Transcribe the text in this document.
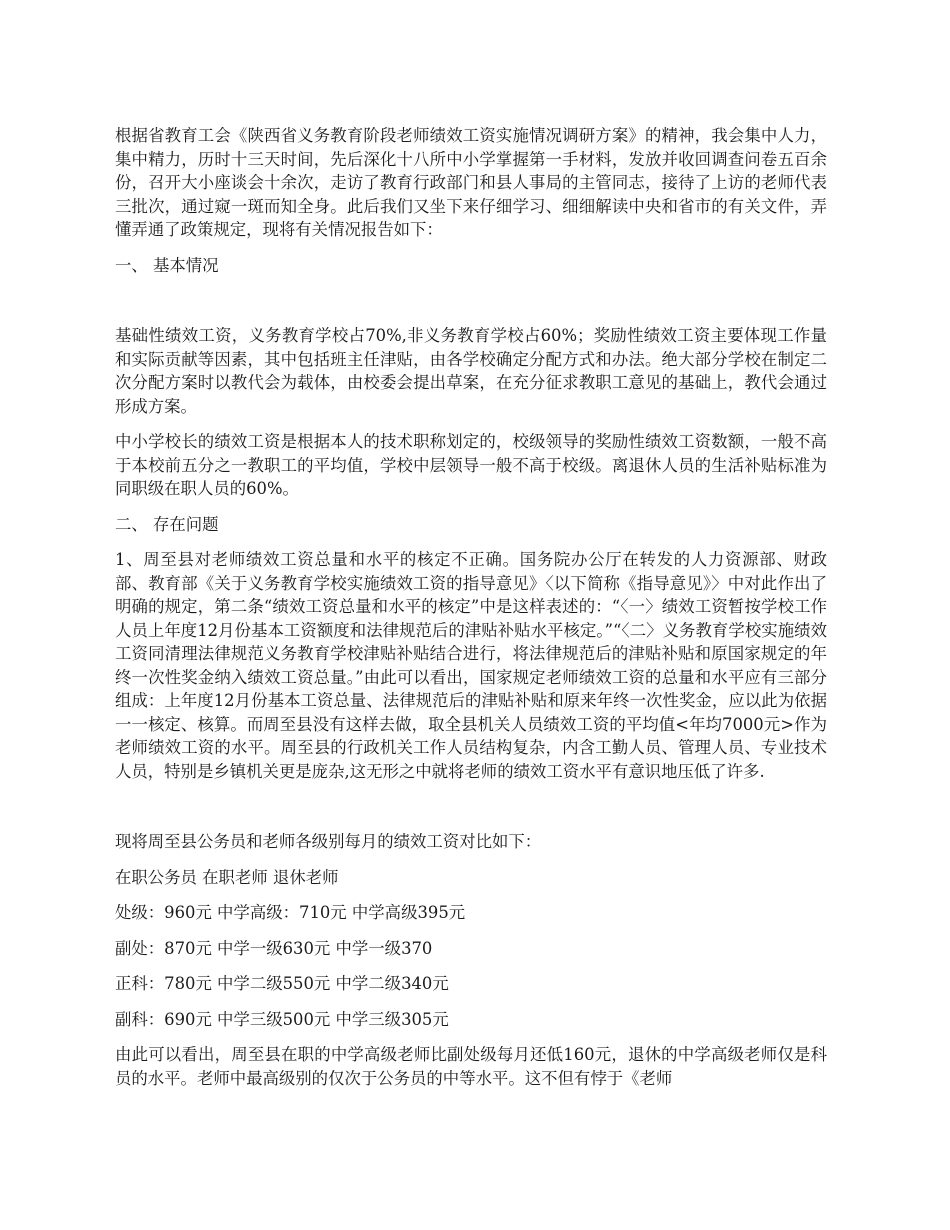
根据省教育工会《陕西省义务教育阶段老师绩效工资实施情况调研方案》的精神，我会集中人力，集中精力，历时十三天时间，先后深化十八所中小学掌握第一手材料，发放并收回调查问卷五百余份，召开大小座谈会十余次，走访了教育行政部门和县人事局的主管同志，接待了上访的老师代表三批次，通过窥一斑而知全身。此后我们又坐下来仔细学习、细细解读中央和省市的有关文件，弄懂弄通了政策规定，现将有关情况报告如下：

一、 基本情况

基础性绩效工资，义务教育学校占70%,非义务教育学校占60%；奖励性绩效工资主要体现工作量和实际贡献等因素，其中包括班主任津贴，由各学校确定分配方式和办法。绝大部分学校在制定二次分配方案时以教代会为载体，由校委会提出草案，在充分征求教职工意见的基础上，教代会通过形成方案。

中小学校长的绩效工资是根据本人的技术职称划定的，校级领导的奖励性绩效工资数额，一般不高于本校前五分之一教职工的平均值，学校中层领导一般不高于校级。离退休人员的生活补贴标准为同职级在职人员的60%。

二、 存在问题

1、周至县对老师绩效工资总量和水平的核定不正确。国务院办公厅在转发的人力资源部、财政部、教育部《关于义务教育学校实施绩效工资的指导意见》〈以下简称《指导意见》〉中对此作出了明确的规定，第二条“绩效工资总量和水平的核定”中是这样表述的：“〈一〉绩效工资暂按学校工作人员上年度12月份基本工资额度和法律规范后的津贴补贴水平核定。”“〈二〉义务教育学校实施绩效工资同清理法律规范义务教育学校津贴补贴结合进行，将法律规范后的津贴补贴和原国家规定的年终一次性奖金纳入绩效工资总量。”由此可以看出，国家规定老师绩效工资的总量和水平应有三部分组成：上年度12月份基本工资总量、法律规范后的津贴补贴和原来年终一次性奖金，应以此为依据一一核定、核算。而周至县没有这样去做，取全县机关人员绩效工资的平均值<年均7000元>作为老师绩效工资的水平。周至县的行政机关工作人员结构复杂，内含工勤人员、管理人员、专业技术人员，特别是乡镇机关更是庞杂,这无形之中就将老师的绩效工资水平有意识地压低了许多.

现将周至县公务员和老师各级别每月的绩效工资对比如下：

在职公务员 在职老师 退休老师

处级：960元 中学高级：710元 中学高级395元

副处：870元 中学一级630元 中学一级370

正科：780元 中学二级550元 中学二级340元

副科：690元 中学三级500元 中学三级305元

由此可以看出，周至县在职的中学高级老师比副处级每月还低160元，退休的中学高级老师仅是科员的水平。老师中最高级别的仅次于公务员的中等水平。这不但有悖于《老师
